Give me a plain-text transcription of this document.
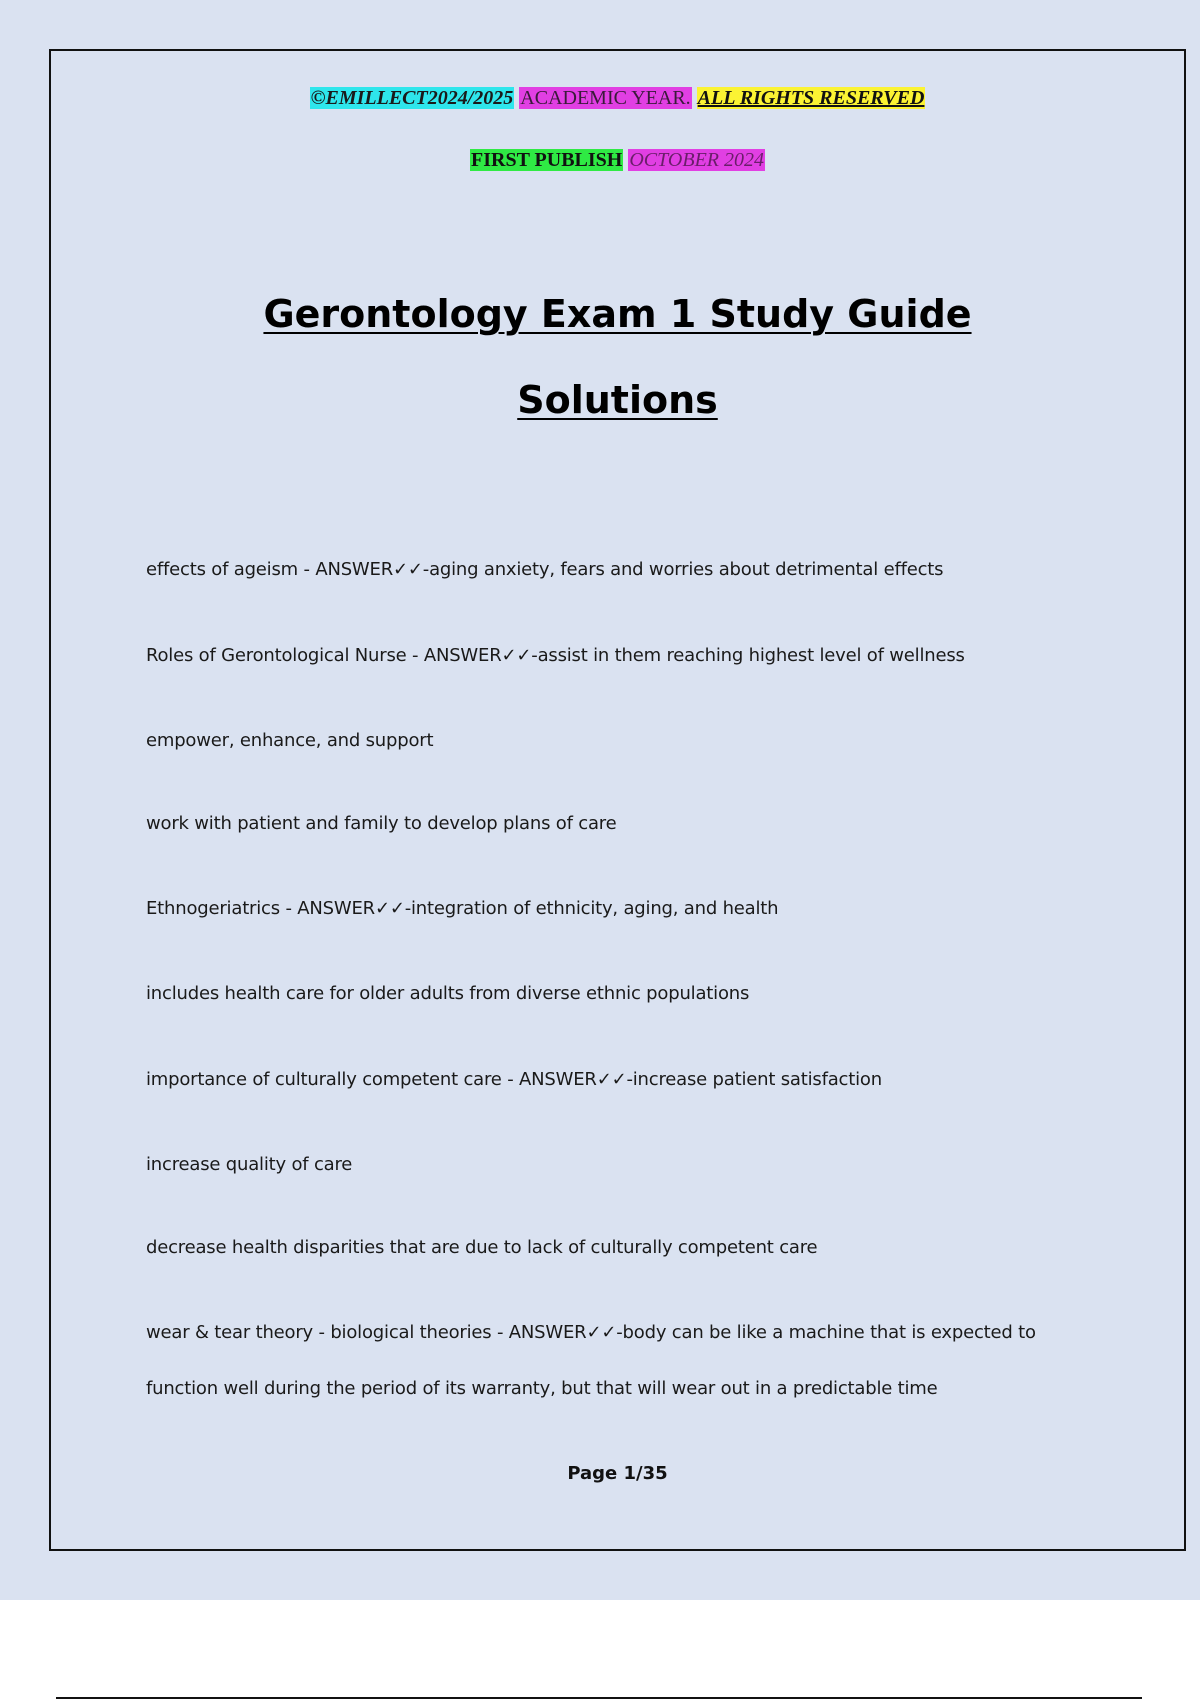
©EMILLECT2024/2025 ACADEMIC YEAR. ALL RIGHTS RESERVED
FIRST PUBLISH OCTOBER 2024
Gerontology Exam 1 Study Guide
Solutions
effects of ageism - ANSWER✓✓-aging anxiety, fears and worries about detrimental effects
Roles of Gerontological Nurse - ANSWER✓✓-assist in them reaching highest level of wellness
empower, enhance, and support
work with patient and family to develop plans of care
Ethnogeriatrics - ANSWER✓✓-integration of ethnicity, aging, and health
includes health care for older adults from diverse ethnic populations
importance of culturally competent care - ANSWER✓✓-increase patient satisfaction
increase quality of care
decrease health disparities that are due to lack of culturally competent care
wear & tear theory - biological theories - ANSWER✓✓-body can be like a machine that is expected to
function well during the period of its warranty, but that will wear out in a predictable time
Page 1/35
